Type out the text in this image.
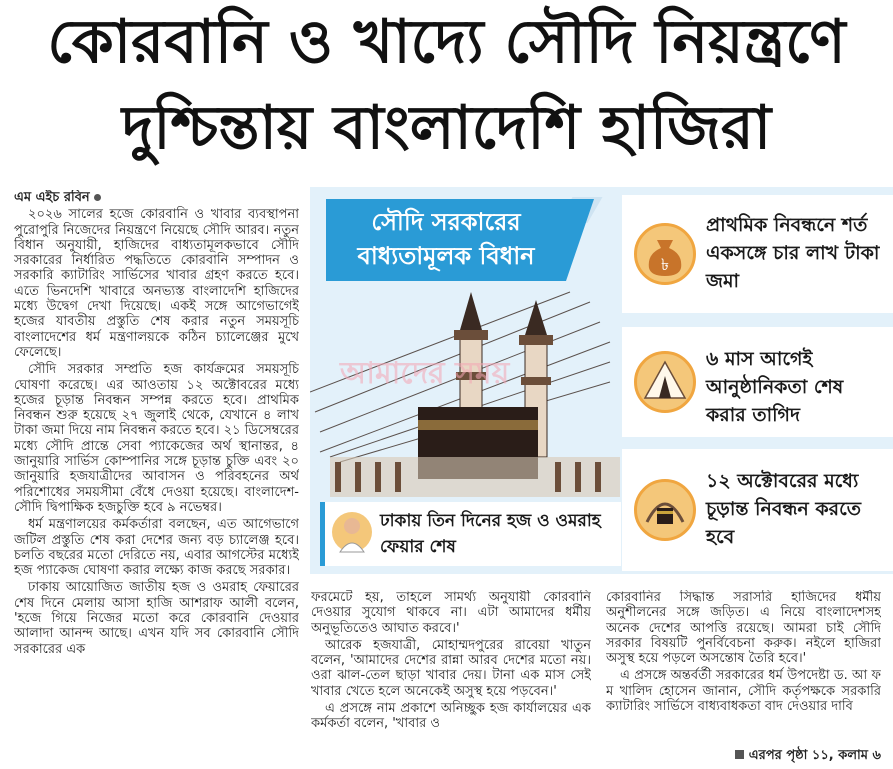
কোরবানি ও খাদ্যে সৌদি নিয়ন্ত্রণে
দুশ্চিন্তায় বাংলাদেশি হাজিরা

এম এইচ রবিন

২০২৬ সালের হজে কোরবানি ও খাবার ব্যবস্থাপনা পুরোপুরি নিজেদের নিয়ন্ত্রণে নিয়েছে সৌদি আরব। নতুন বিধান অনুযায়ী, হাজিদের বাধ্যতামূলকভাবে সৌদি সরকারের নির্ধারিত পদ্ধতিতে কোরবানি সম্পাদন ও সরকারি ক্যাটারিং সার্ভিসের খাবার গ্রহণ করতে হবে। এতে ভিনদেশি খাবারে অনভ্যস্ত বাংলাদেশি হাজিদের মধ্যে উদ্বেগ দেখা দিয়েছে। একই সঙ্গে আগেভাগেই হজের যাবতীয় প্রস্তুতি শেষ করার নতুন সময়সূচি বাংলাদেশের ধর্ম মন্ত্রণালয়কে কঠিন চ্যালেঞ্জের মুখে ফেলেছে।

সৌদি সরকার সম্প্রতি হজ কার্যক্রমের সময়সূচি ঘোষণা করেছে। এর আওতায় ১২ অক্টোবরের মধ্যে হজের চূড়ান্ত নিবন্ধন সম্পন্ন করতে হবে। প্রাথমিক নিবন্ধন শুরু হয়েছে ২৭ জুলাই থেকে, যেখানে ৪ লাখ টাকা জমা দিয়ে নাম নিবন্ধন করতে হবে। ২১ ডিসেম্বরের মধ্যে সৌদি প্রান্তে সেবা প্যাকেজের অর্থ স্থানান্তর, ৪ জানুয়ারি সার্ভিস কোম্পানির সঙ্গে চূড়ান্ত চুক্তি এবং ২০ জানুয়ারি হজযাত্রীদের আবাসন ও পরিবহনের অর্থ পরিশোধের সময়সীমা বেঁধে দেওয়া হয়েছে। বাংলাদেশ-সৌদি দ্বিপাক্ষিক হজচুক্তি হবে ৯ নভেম্বর।

ধর্ম মন্ত্রণালয়ের কর্মকর্তারা বলছেন, এত আগেভাগে জটিল প্রস্তুতি শেষ করা দেশের জন্য বড় চ্যালেঞ্জ হবে। চলতি বছরের মতো দেরিতে নয়, এবার আগস্টের মধ্যেই হজ প্যাকেজ ঘোষণা করার লক্ষ্যে কাজ করছে সরকার।

ঢাকায় আয়োজিত জাতীয় হজ ও ওমরাহ ফেয়ারের শেষ দিনে মেলায় আসা হাজি আশরাফ আলী বলেন, 'হজে গিয়ে নিজের মতো করে কোরবানি দেওয়ার আলাদা আনন্দ আছে। এখন যদি সব কোরবানি সৌদি সরকারের এক

সৌদি সরকারের বাধ্যতামূলক বিধান
আমাদের সময়
৳
প্রাথমিক নিবন্ধনে শর্ত একসঙ্গে চার লাখ টাকা জমা
৬ মাস আগেই আনুষ্ঠানিকতা শেষ করার তাগিদ
১২ অক্টোবরের মধ্যে চূড়ান্ত নিবন্ধন করতে হবে
ঢাকায় তিন দিনের হজ ও ওমরাহ ফেয়ার শেষ

ফরমেটে হয়, তাহলে সামর্থ্য অনুযায়ী কোরবানি দেওয়ার সুযোগ থাকবে না। এটা আমাদের ধর্মীয় অনুভূতিতেও আঘাত করবে।'

আরেক হজযাত্রী, মোহাম্মদপুরের রাবেয়া খাতুন বলেন, 'আমাদের দেশের রান্না আরব দেশের মতো নয়। ওরা ঝাল-তেল ছাড়া খাবার দেয়। টানা এক মাস সেই খাবার খেতে হলে অনেকেই অসুস্থ হয়ে পড়বেন।'

এ প্রসঙ্গে নাম প্রকাশে অনিচ্ছুক হজ কার্যালয়ের এক কর্মকর্তা বলেন, 'খাবার ও

কোরবানির সিদ্ধান্ত সরাসরি হাজিদের ধর্মীয় অনুশীলনের সঙ্গে জড়িত। এ নিয়ে বাংলাদেশসহ অনেক দেশের আপত্তি রয়েছে। আমরা চাই সৌদি সরকার বিষয়টি পুনর্বিবেচনা করুক। নইলে হাজিরা অসুস্থ হয়ে পড়লে অসন্তোষ তৈরি হবে।'

এ প্রসঙ্গে অন্তর্বর্তী সরকারের ধর্ম উপদেষ্টা ড. আ ফ ম খালিদ হোসেন জানান, সৌদি কর্তৃপক্ষকে সরকারি ক্যাটারিং সার্ভিসে বাধ্যবাধকতা বাদ দেওয়ার দাবি

এরপর পৃষ্ঠা ১১, কলাম ৬
